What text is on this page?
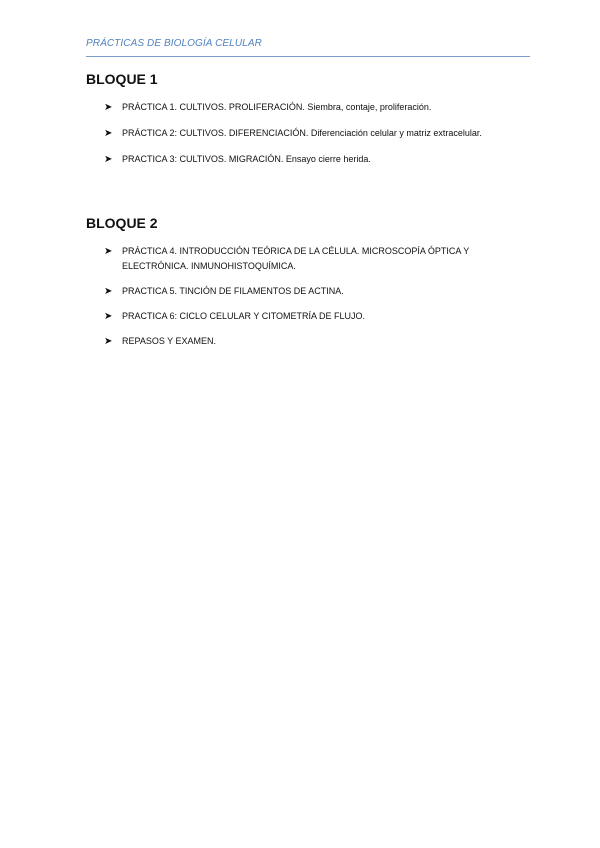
PRÁCTICAS DE BIOLOGÍA CELULAR
BLOQUE 1
➤ PRÁCTICA 1. CULTIVOS. PROLIFERACIÓN. Siembra, contaje, proliferación.
➤ PRÁCTICA 2: CULTIVOS. DIFERENCIACIÓN. Diferenciación celular y matriz extracelular.
➤ PRACTICA 3: CULTIVOS. MIGRACIÓN. Ensayo cierre herida.
BLOQUE 2
➤ PRÁCTICA 4. INTRODUCCIÓN TEÓRICA DE LA CÉLULA. MICROSCOPÍA ÓPTICA Y ELECTRÓNICA. INMUNOHISTOQUÍMICA.
➤ PRACTICA 5. TINCIÓN DE FILAMENTOS DE ACTINA.
➤ PRACTICA 6: CICLO CELULAR Y CITOMETRÍA DE FLUJO.
➤ REPASOS Y EXAMEN.
